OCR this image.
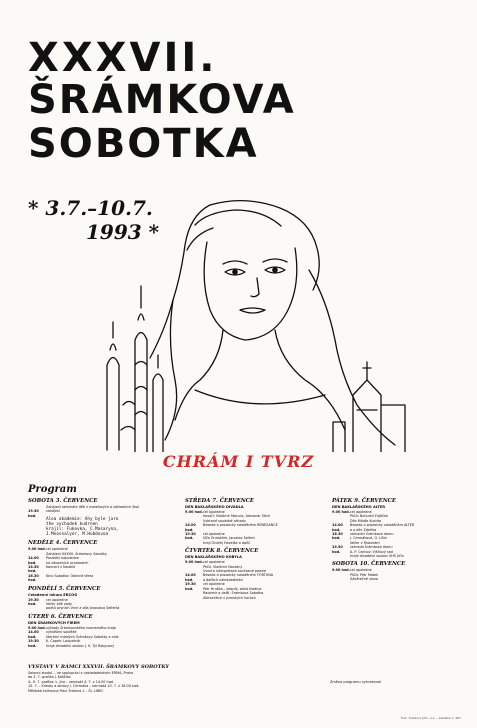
XXXVII.
ŠRÁMKOVA
SOBOTKA
* 3.7.–10.7.
1993 *
CHRÁM I TVRZ
Program
SOBOTA 3. ČERVENCE
Zahájení semináře dětí z mateřských a základních škol
19.30 hod.
zahájení
Alea akademie: Ahy byle jaro
the vychodek kudrnen
krajil: Fukovka, C.Masaryna,
J.Mnosnalyer, M.Hubdovoa
NEDĚLE 4. ČERVENCE
9.00 hod. cel opoledne
Zahájení XXXVII. Šrámkovy Sobotky
14.00 hod.
Poslední odpoledne
na závazných prostorech
14.30 hod.
Koncert v kostele
16.30 hod.
Kino Sobotka: Obecné téma
PONDĚLÍ 5. ČERVENCE
Celodenní inkurs ERCOG
19.30 hod.
cel opoledne
Večer bílé vody
poetů prvních Vrch a díla Jaroslava Seiferta
ÚTERÝ 6. ČERVENCE
DEN ŠRÁMKOVÝCH FIREM
9.00 hod. výklady Šrámkovského rozmarného kraje
14.00 hod.
vyhlášení soutěže
literární mladých Šrámkovy Sobotky a cele
19.30 hod.
K. Čapek: Loupežník
hraje divadelní soubor J. K. Tyl Rokycany
STŘEDA 7. ČERVENCE
DEN BAKLAŘSKÉHO DIVADLA
9.00 hod. cel opoledne
hovoří: Vladimír Macura, Alexandr Stich
Vybrané soudobé záhady
14.00 hod.
Beseda o prozaicky naladěném RENESANCE
19.30 hod.
cel opoledne
Víťa Ondráček, Jaroslav Seifert
hrají Ondřej Havelka a další
ČTVRTEK 8. ČERVENCE
DEN BAKLAŘSKÉHO KOBYLA
9.00 hod. cel opoledne
PhDr. Vladimír Novotný
Úvod a interpretace současné poezie
14.00 hod.
Beseda o prozaicky naladěném FORTUNA
a dalších nakladatelství
19.30 hod.
cel opoledne
Petr Hruška – básník, zlatá hladina
Radomír a další: Šrámkova Sobotka
Albrechtice v Jizerských horách
PÁTEK 9. ČERVENCE
DEN BAKLAŘSKÉHO ALTER
9.00 hod. cel opoledne
PhDr. Bohumil Fojtíček
Dílo Miloše Kuchta
14.00 hod.
Beseda o prozaicky naladěném ALTER
a o díle Zdeňka
16.30 hod.
zahradní Šrámkova domu
J. Cermáková, O. Lišin
Večer v Palackém
19.30 hod.
zahrada Šrámkova domu
A. P. Čechov: Višňový sad
hraje divadelní soubor VHS Jičín
SOBOTA 10. ČERVENCE
9.00 hod. cel opoledne
PhDr. Petr Matek
Závěrečné slovo
VÝSTAVY V RÁMCI XXXVII. ŠRÁMKOVY SOBOTKY
Salonní stodol. – ve spolupráci s nakladatelstvím ERMA, Praha
do 3. 7. grafika J. Koščíka
4.–9. 7. grafika: L. Jíra – vernisáž 4. 7. v 14.00 hod.
10. 7. – Kresby a obrazy J. Čermáka – vernisáž 10. 7. v 16.00 hod.
Městská knihovna Piaci Šrámka 1 – ŠI: LIBEC
Změna programu vyhrazena!
Tisk: Tiskárna Jičín, a.s. – zakázka č. 387
